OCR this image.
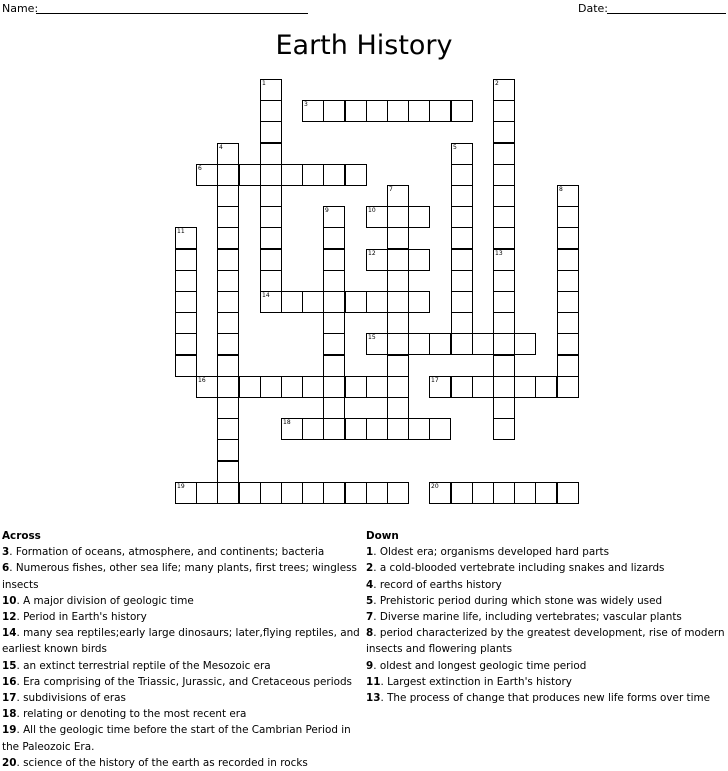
Name:	Date:
Earth History
1	2
3
4	5
6
7	8
9	10
11
12	13
14
15
16	17
18
19	20
Across

3. Formation of oceans, atmosphere, and continents; bacteria

6. Numerous fishes, other sea life; many plants, first trees; wingless insects

10. A major division of geologic time

12. Period in Earth's history

14. many sea reptiles;early large dinosaurs; later,flying reptiles, and earliest known birds

15. an extinct terrestrial reptile of the Mesozoic era

16. Era comprising of the Triassic, Jurassic, and Cretaceous periods

17. subdivisions of eras

18. relating or denoting to the most recent era

19. All the geologic time before the start of the Cambrian Period in the Paleozoic Era.

20. science of the history of the earth as recorded in rocks

Down

1. Oldest era; organisms developed hard parts

2. a cold-blooded vertebrate including snakes and lizards

4. record of earths history

5. Prehistoric period during which stone was widely used

7. Diverse marine life, including vertebrates; vascular plants

8. period characterized by the greatest development, rise of modern insects and flowering plants

9. oldest and longest geologic time period

11. Largest extinction in Earth's history

13. The process of change that produces new life forms over time
